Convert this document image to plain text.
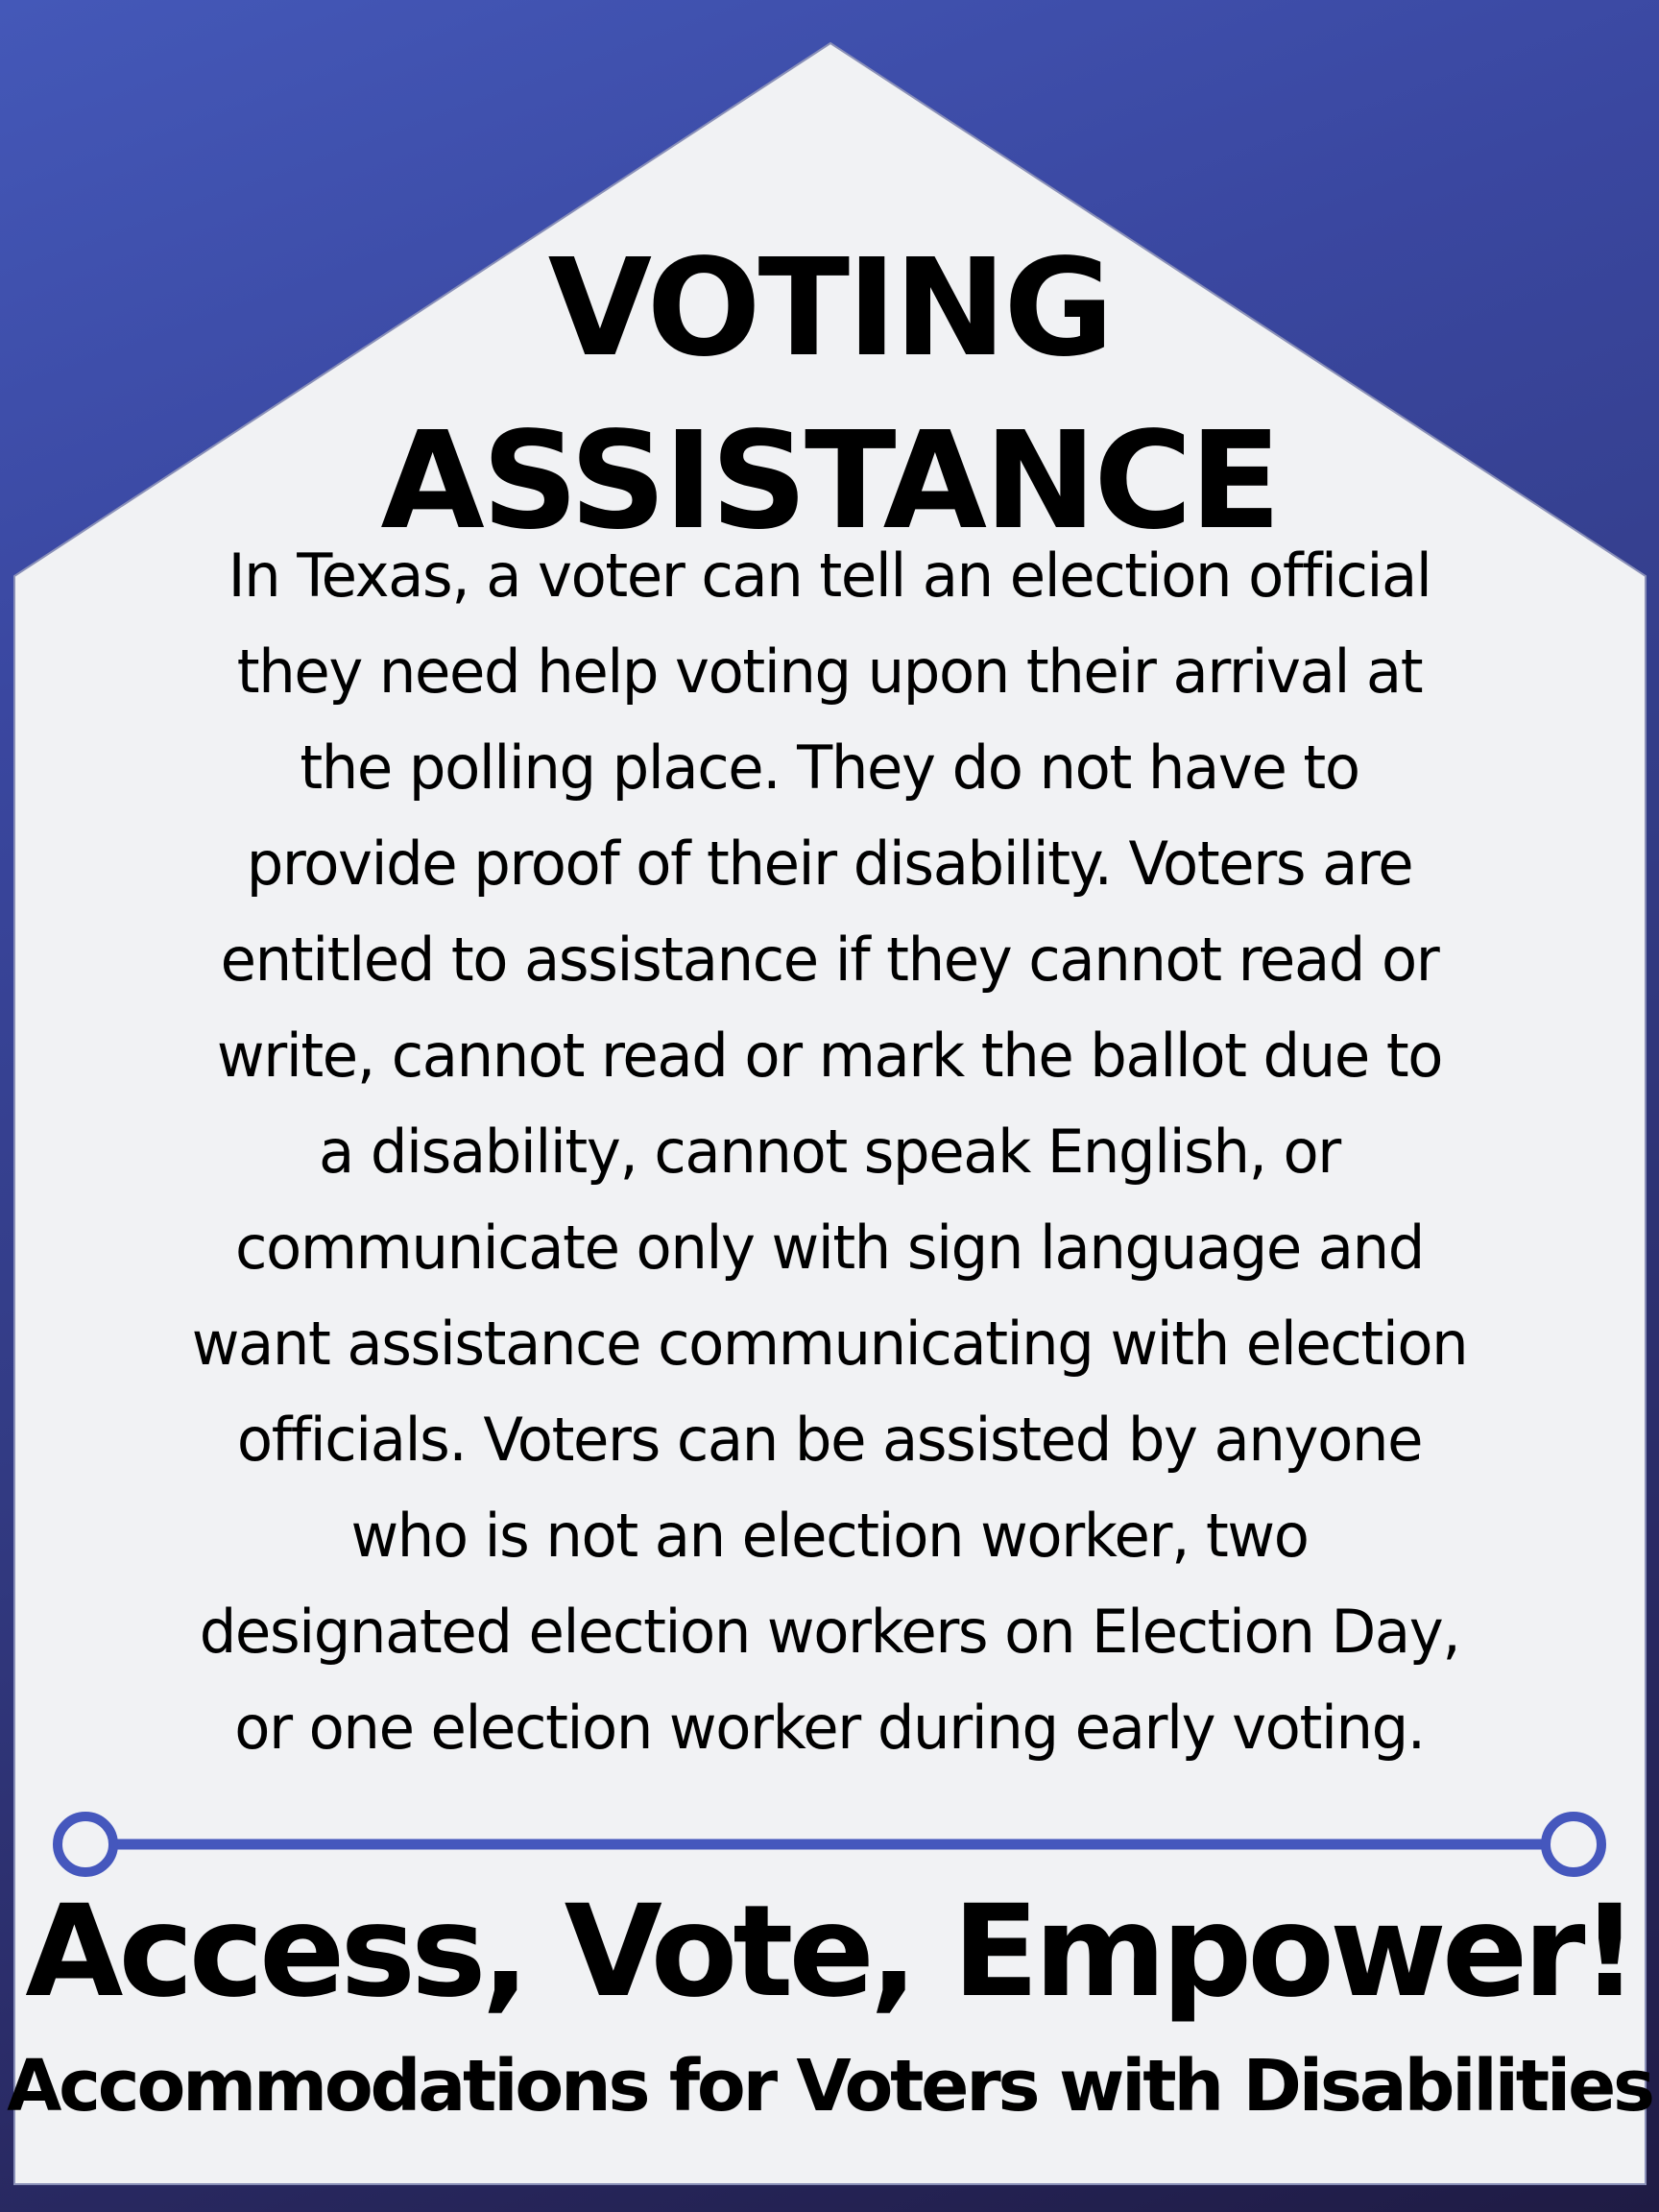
VOTING
ASSISTANCE
In Texas, a voter can tell an election official
they need help voting upon their arrival at
the polling place. They do not have to
provide proof of their disability. Voters are
entitled to assistance if they cannot read or
write, cannot read or mark the ballot due to
a disability, cannot speak English, or
communicate only with sign language and
want assistance communicating with election
officials. Voters can be assisted by anyone
who is not an election worker, two
designated election workers on Election Day,
or one election worker during early voting.
Access, Vote, Empower!
Accommodations for Voters with Disabilities
